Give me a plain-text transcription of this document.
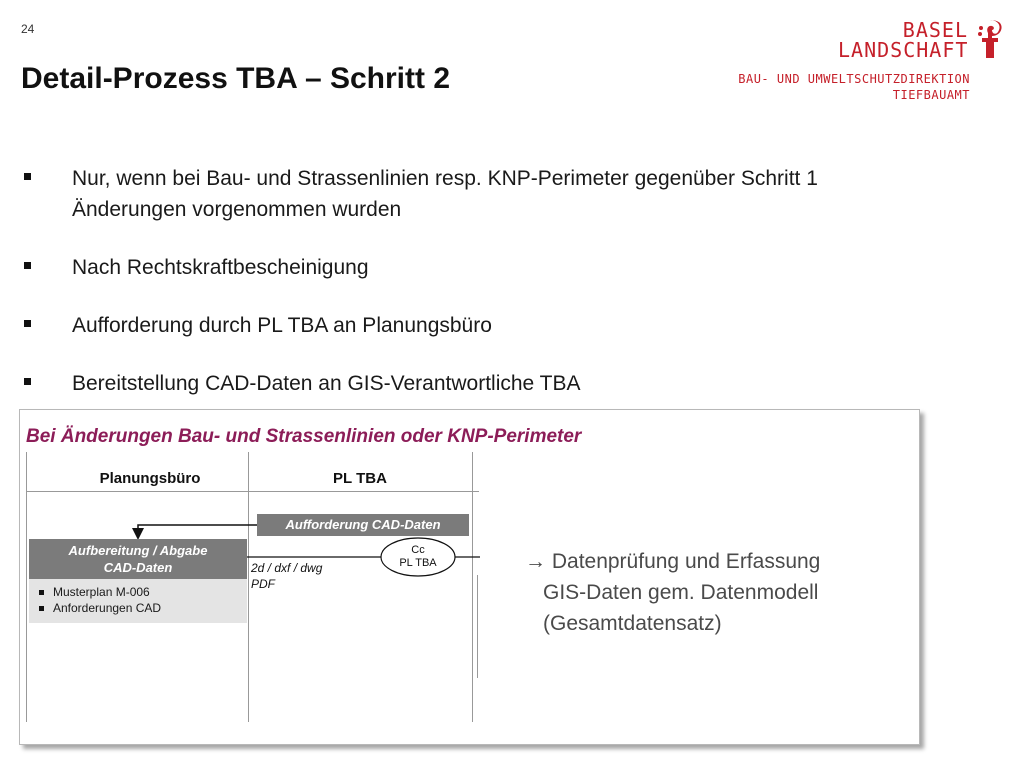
24
Detail-Prozess TBA – Schritt 2
BASEL
LANDSCHAFT
BAU- UND UMWELTSCHUTZDIREKTION
TIEFBAUAMT
Nur, wenn bei Bau- und Strassenlinien resp. KNP-Perimeter gegenüber Schritt 1 Änderungen vorgenommen wurden
Nach Rechtskraftbescheinigung
Aufforderung durch PL TBA an Planungsbüro
Bereitstellung CAD-Daten an GIS-Verantwortliche TBA
Bei Änderungen Bau- und Strassenlinien oder KNP-Perimeter
Planungsbüro	PL TBA
Aufforderung CAD-Daten
Aufbereitung / Abgabe
CAD-Daten
Musterplan M-006
Anforderungen CAD
2d / dxf / dwg
PDF
Cc
PL TBA	→ Datenprüfung und Erfassung
GIS-Daten gem. Datenmodell
(Gesamtdatensatz)
